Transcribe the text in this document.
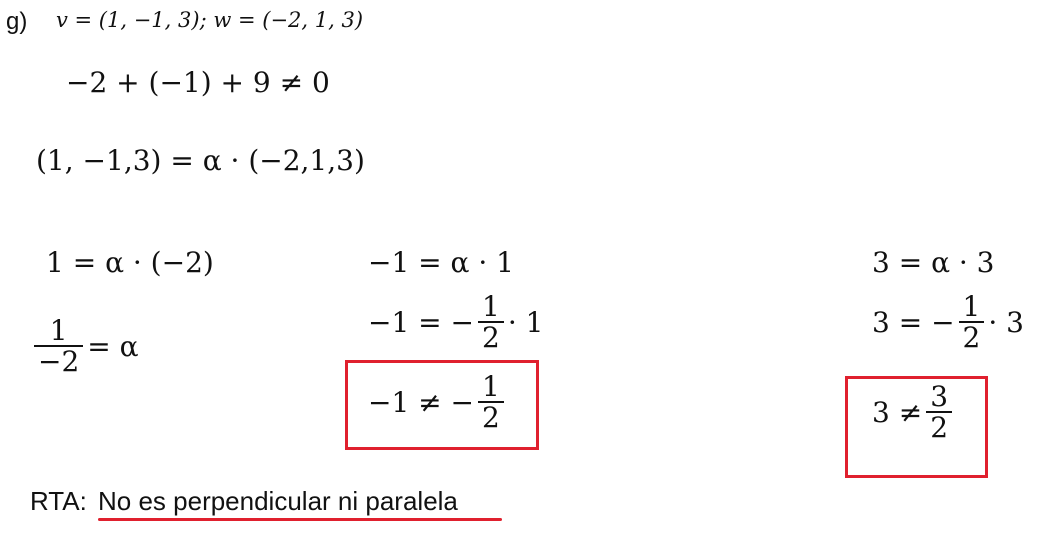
g) v = (1, −1, 3); w = (−2, 1, 3)
−2 + (−1) + 9 ≠ 0
(1, −1,3) = α · (−2,1,3)
1 = α · (−2)
$\frac{1}{-2} = \alpha$
−1 = α · 1
−1 = − $\frac{1}{2} \cdot 1$
−1 ≠ − $\frac{1}{2}$
3 = α · 3
3 = − $\frac{1}{2} \cdot 3$
$3 \ne \frac{3}{2}$
RTA: No es perpendicular ni paralela
